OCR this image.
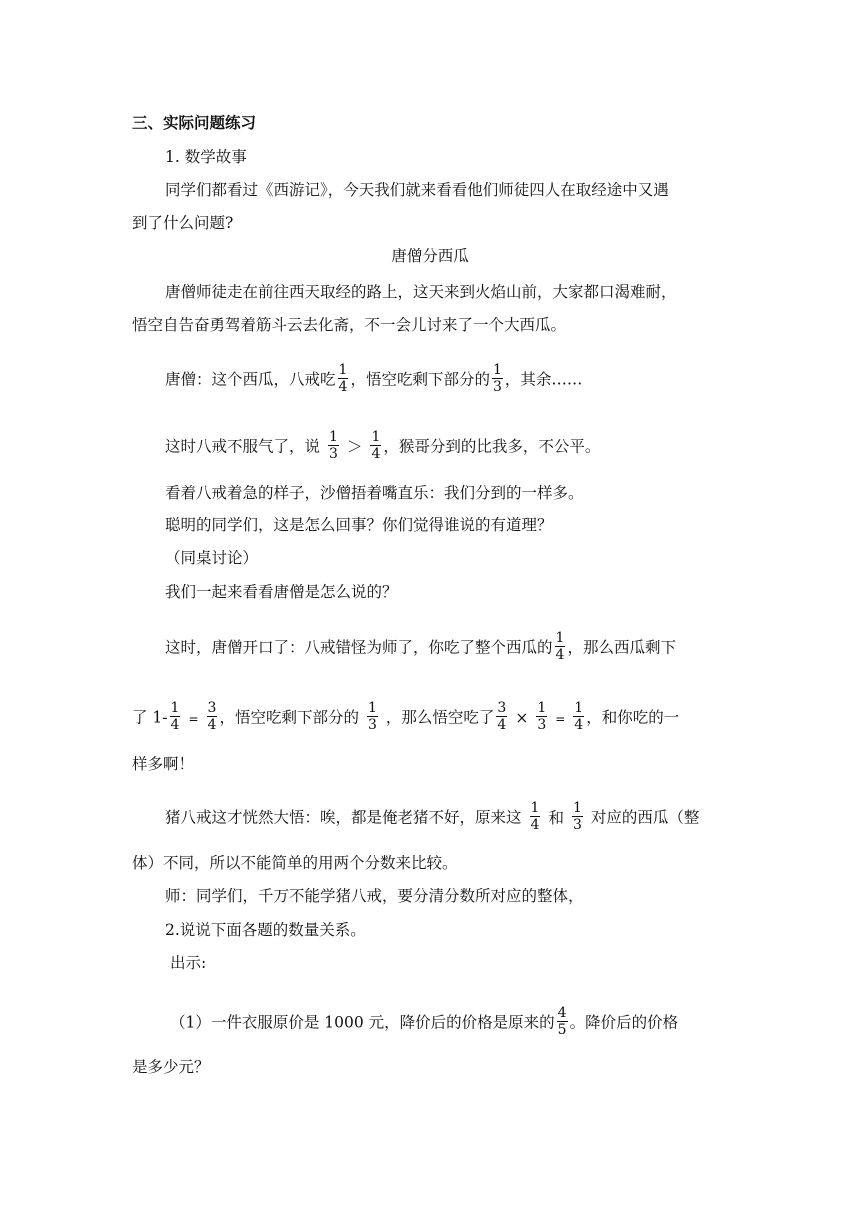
三、实际问题练习
1. 数学故事
同学们都看过《西游记》，今天我们就来看看他们师徒四人在取经途中又遇
到了什么问题?
唐僧分西瓜
唐僧师徒走在前往西天取经的路上，这天来到火焰山前，大家都口渴难耐，
悟空自告奋勇驾着筋斗云去化斋，不一会儿讨来了一个大西瓜。
唐僧：这个西瓜，八戒吃 $\frac{1}{4}$ ，悟空吃剩下部分的 $\frac{1}{3}$ ，其余……
这时八戒不服气了，说 $\frac{1}{3} > \frac{1}{4}$ ，猴哥分到的比我多，不公平。
看着八戒着急的样子，沙僧捂着嘴直乐：我们分到的一样多。
聪明的同学们，这是怎么回事？你们觉得谁说的有道理？
（同桌讨论）
我们一起来看看唐僧是怎么说的？
这时，唐僧开口了：八戒错怪为师了，你吃了整个西瓜的 $\frac{1}{4}$ ，那么西瓜剩下
了 $1- \frac{1}{4} = \frac{3}{4}$ ，悟空吃剩下部分的 $\frac{1}{3}$ ，那么悟空吃了 $\frac{3}{4} \times \frac{1}{3} = \frac{1}{4}$ ，和你吃的一
样多啊！
猪八戒这才恍然大悟：唉，都是俺老猪不好，原来这 $\frac{1}{4}$ 和 $\frac{1}{3}$ 对应的西瓜（整
体）不同，所以不能简单的用两个分数来比较。
师：同学们，千万不能学猪八戒，要分清分数所对应的整体，
2.说说下面各题的数量关系。
出示:
（1）一件衣服原价是 1000 元，降价后的价格是原来的 $\frac{4}{5}$ 。降价后的价格
是多少元？
